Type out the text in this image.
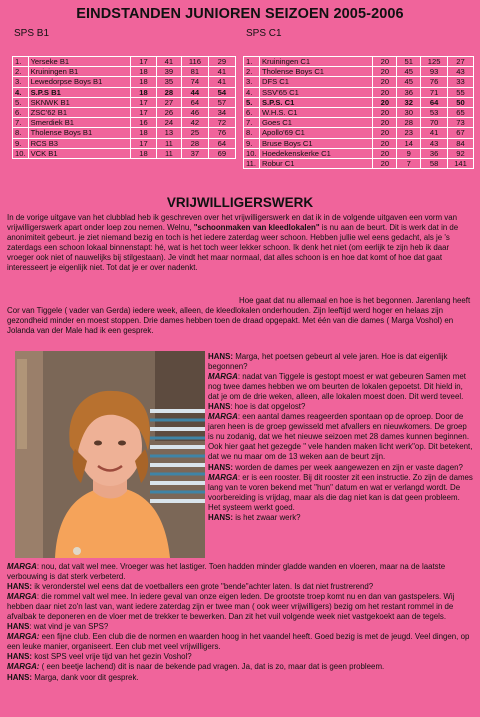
EINDSTANDEN JUNIOREN SEIZOEN 2005-2006
SPS B1	SPS C1
1.	Yerseke B1	17	41	116	29
2.	Kruiningen B1	18	39	81	41
3.	Lewedorpse Boys B1	18	35	74	41
4.	S.P.S B1	18	28	44	54
5.	SKNWK B1	17	27	64	57
6.	ZSC'62 B1	17	26	46	34
7.	Smerdiek B1	16	24	42	72
8.	Tholense Boys B1	18	13	25	76
9.	RCS B3	17	11	28	64
10.	VCK B1	18	11	37	69
1.	Kruiningen C1	20	51	125	27
2.	Tholense Boys C1	20	45	93	43
3.	DFS C1	20	45	76	33
4.	SSV'65 C1	20	36	71	55
5.	S.P.S. C1	20	32	64	50
6.	W.H.S. C1	20	30	53	65
7.	Goes C1	20	28	70	73
8.	Apollo'69 C1	20	23	41	67
9.	Bruse Boys C1	20	14	43	84
10.	Hoedekenskerke C1	20	9	36	92
11.	Robur C1	20	7	58	141
VRIJWILLIGERSWERK

In de vorige uitgave van het clubblad heb ik geschreven over het vrijwilligerswerk en dat ik in de volgende uitgaven een vorm van vrijwilligerswerk apart onder loep zou nemen. Welnu, "schoonmaken van kleedlokalen" is nu aan de beurt. Dit is werk dat in de anonimiteit gebeurt. je ziet niemand bezig en toch is het iedere zaterdag weer schoon. Hebben jullie wel eens gedacht, als je 's zaterdags een schoon lokaal binnenstapt: hé, wat is het toch weer lekker schoon. Ik denk het niet (om eerlijk te zijn heb ik daar vroeger ook niet of nauwelijks bij stilgestaan). Je vindt het maar normaal, dat alles schoon is en hoe dat komt of hoe dat gaat interesseert je eigenlijk niet. Tot dat je er over nadenkt.

Hoe gaat dat nu allemaal en hoe is het begonnen. Jarenlang heeft Cor van Tiggele ( vader van Gerda) iedere week, alleen, de kleedlokalen onderhouden. Zijn leeftijd werd hoger en helaas zijn gezondheid minder en moest stoppen. Drie dames hebben toen de draad opgepakt. Met één van die dames ( Marga Voshol) en Jolanda van der Male had ik een gesprek.

HANS: Marga, het poetsen gebeurt al vele jaren. Hoe is dat eigenlijk begonnen?
MARGA: nadat van Tiggele is gestopt moest er wat gebeuren Samen met nog twee dames hebben we om beurten de lokalen gepoetst. Dit hield in, dat je om de drie weken, alleen, alle lokalen moest doen. Dit werd teveel.
HANS: hoe is dat opgelost?
MARGA: een aantal dames reageerden spontaan op de oproep. Door de jaren heen is de groep gewisseld met afvallers en nieuwkomers. De groep is nu zodanig, dat we het nieuwe seizoen met 28 dames kunnen beginnen. Ook hier gaat het gezegde " vele handen maken licht werk"op. Dit betekent, dat we nu maar om de 13 weken aan de beurt zijn.
HANS: worden de dames per week aangewezen en zijn er vaste dagen?
MARGA: er is een rooster. Bij dit rooster zit een instructie. Zo zijn de dames lang van te voren bekend met "hun" datum en wat er verlangd wordt. De voorbereiding is vrijdag, maar als die dag niet kan is dat geen probleem. Het systeem werkt goed.
HANS: is het zwaar werk?

MARGA: nou, dat valt wel mee. Vroeger was het lastiger. Toen hadden minder gladde wanden en vloeren, maar na de laatste verbouwing is dat sterk verbeterd.
HANS: ik veronderstel wel eens dat de voetballers een grote "bende"achter laten. Is dat niet frustrerend?
MARGA: die rommel valt wel mee. In iedere geval van onze eigen leden. De grootste troep komt nu en dan van gastspelers. Wij hebben daar niet zo'n last van, want iedere zaterdag zijn er twee man ( ook weer vrijwilligers) bezig om het restant rommel in de afvalbak te deponeren en de vloer met de trekker te bewerken. Dan zit het vuil volgende week niet vastgekoekt aan de tegels.
HANS: wat vind je van SPS?
MARGA: een fijne club. Een club die de normen en waarden hoog in het vaandel heeft. Goed bezig is met de jeugd. Veel dingen, op een leuke manier, organiseert. Een club met veel vrijwilligers.
HANS: kost SPS veel vrije tijd van het gezin Voshol?
MARGA: ( een beetje lachend) dit is naar de bekende pad vragen. Ja, dat is zo, maar dat is geen probleem.
HANS: Marga, dank voor dit gesprek.
